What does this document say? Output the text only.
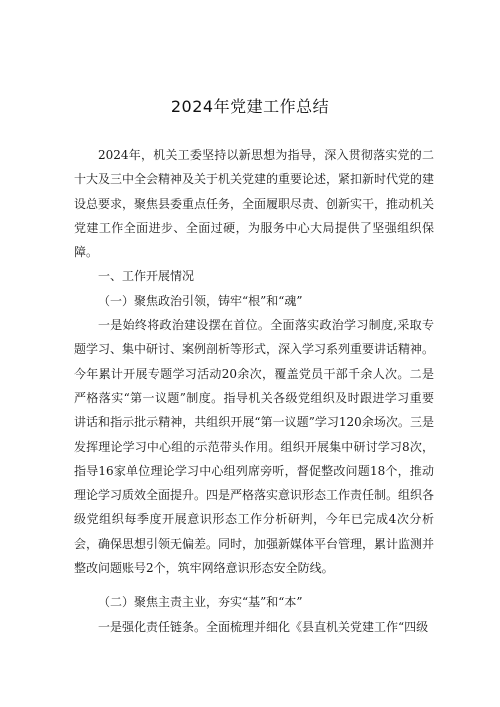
2024年党建工作总结

2024年，机关工委坚持以新思想为指导，深入贯彻落实党的二十大及三中全会精神及关于机关党建的重要论述，紧扣新时代党的建设总要求，聚焦县委重点任务，全面履职尽责、创新实干，推动机关党建工作全面进步、全面过硬，为服务中心大局提供了坚强组织保障。

一、工作开展情况

（一）聚焦政治引领，铸牢“根”和“魂”

一是始终将政治建设摆在首位。全面落实政治学习制度,采取专题学习、集中研讨、案例剖析等形式，深入学习系列重要讲话精神。今年累计开展专题学习活动20余次，覆盖党员干部千余人次。二是严格落实“第一议题”制度。指导机关各级党组织及时跟进学习重要讲话和指示批示精神，共组织开展“第一议题”学习120余场次。三是发挥理论学习中心组的示范带头作用。组织开展集中研讨学习8次，指导16家单位理论学习中心组列席旁听，督促整改问题18个，推动理论学习质效全面提升。四是严格落实意识形态工作责任制。组织各级党组织每季度开展意识形态工作分析研判，今年已完成4次分析会，确保思想引领无偏差。同时，加强新媒体平台管理，累计监测并整改问题账号2个，筑牢网络意识形态安全防线。

（二）聚焦主责主业，夯实“基”和“本”

一是强化责任链条。全面梳理并细化《县直机关党建工作“四级
